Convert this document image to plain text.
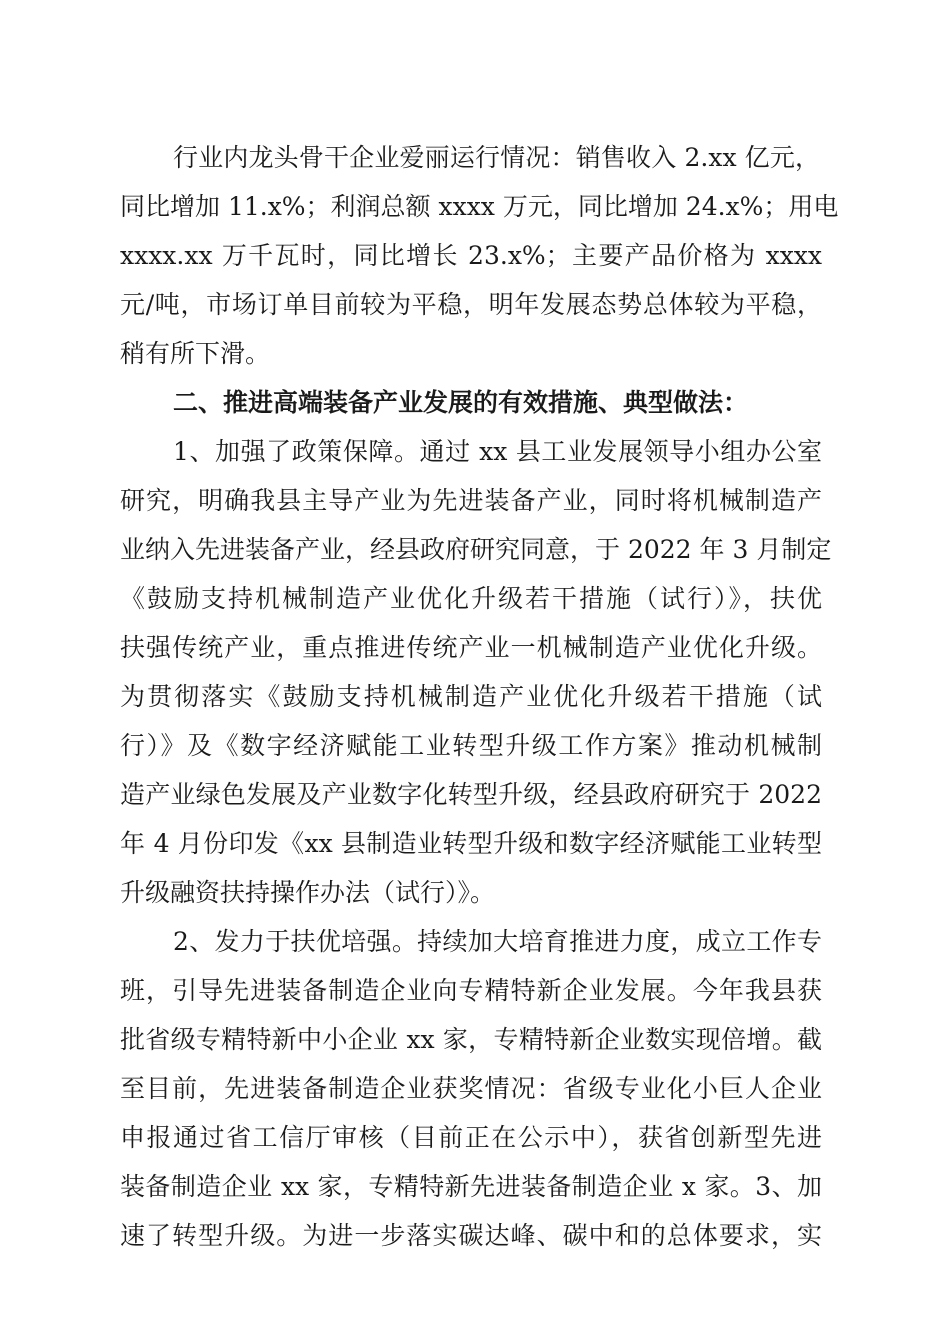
行业内龙头骨干企业爱丽运行情况：销售收入 2.xx 亿元，
同比增加 11.x%；利润总额 xxxx 万元，同比增加 24.x%；用电
xxxx.xx 万千瓦时，同比增长 23.x%；主要产品价格为 xxxx
元/吨，市场订单目前较为平稳，明年发展态势总体较为平稳，
稍有所下滑。
二、推进高端装备产业发展的有效措施、典型做法：
1、加强了政策保障。通过 xx 县工业发展领导小组办公室
研究，明确我县主导产业为先进装备产业，同时将机械制造产
业纳入先进装备产业，经县政府研究同意，于 2022 年 3 月制定
《鼓励支持机械制造产业优化升级若干措施（试行）》，扶优
扶强传统产业，重点推进传统产业一机械制造产业优化升级。
为贯彻落实《鼓励支持机械制造产业优化升级若干措施（试
行）》及《数字经济赋能工业转型升级工作方案》推动机械制
造产业绿色发展及产业数字化转型升级，经县政府研究于 2022
年 4 月份印发《xx 县制造业转型升级和数字经济赋能工业转型
升级融资扶持操作办法（试行）》。
2、发力于扶优培强。持续加大培育推进力度，成立工作专
班，引导先进装备制造企业向专精特新企业发展。今年我县获
批省级专精特新中小企业 xx 家，专精特新企业数实现倍增。截
至目前，先进装备制造企业获奖情况：省级专业化小巨人企业
申报通过省工信厅审核（目前正在公示中），获省创新型先进
装备制造企业 xx 家，专精特新先进装备制造企业 x 家。3、加
速了转型升级。为进一步落实碳达峰、碳中和的总体要求，实
